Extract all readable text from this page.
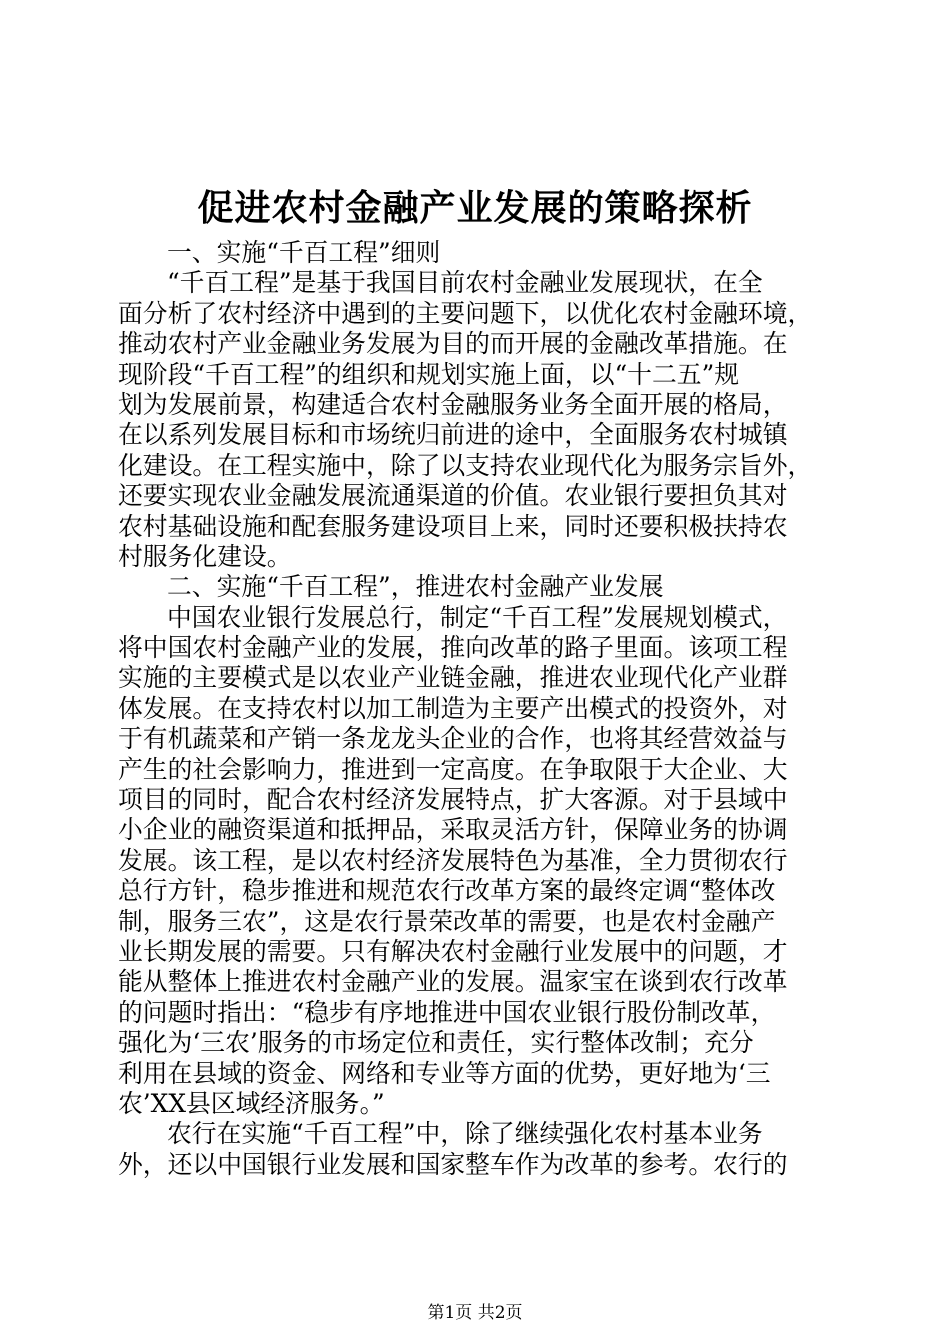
促进农村金融产业发展的策略探析
一、实施“千百工程”细则
“千百工程”是基于我国目前农村金融业发展现状，在全
面分析了农村经济中遇到的主要问题下，以优化农村金融环境，
推动农村产业金融业务发展为目的而开展的金融改革措施。在
现阶段“千百工程”的组织和规划实施上面，以“十二五”规
划为发展前景，构建适合农村金融服务业务全面开展的格局，
在以系列发展目标和市场统归前进的途中，全面服务农村城镇
化建设。在工程实施中，除了以支持农业现代化为服务宗旨外，
还要实现农业金融发展流通渠道的价值。农业银行要担负其对
农村基础设施和配套服务建设项目上来，同时还要积极扶持农
村服务化建设。
二、实施“千百工程”，推进农村金融产业发展
中国农业银行发展总行，制定“千百工程”发展规划模式，
将中国农村金融产业的发展，推向改革的路子里面。该项工程
实施的主要模式是以农业产业链金融，推进农业现代化产业群
体发展。在支持农村以加工制造为主要产出模式的投资外，对
于有机蔬菜和产销一条龙龙头企业的合作，也将其经营效益与
产生的社会影响力，推进到一定高度。在争取限于大企业、大
项目的同时，配合农村经济发展特点，扩大客源。对于县域中
小企业的融资渠道和抵押品，采取灵活方针，保障业务的协调
发展。该工程，是以农村经济发展特色为基准，全力贯彻农行
总行方针，稳步推进和规范农行改革方案的最终定调“整体改
制，服务三农”，这是农行景荣改革的需要，也是农村金融产
业长期发展的需要。只有解决农村金融行业发展中的问题，才
能从整体上推进农村金融产业的发展。温家宝在谈到农行改革
的问题时指出：“稳步有序地推进中国农业银行股份制改革，
强化为‘三农’服务的市场定位和责任，实行整体改制；充分
利用在县域的资金、网络和专业等方面的优势，更好地为‘三
农’XX县区域经济服务。”
农行在实施“千百工程”中，除了继续强化农村基本业务
外，还以中国银行业发展和国家整车作为改革的参考。农行的

第1页 共2页
